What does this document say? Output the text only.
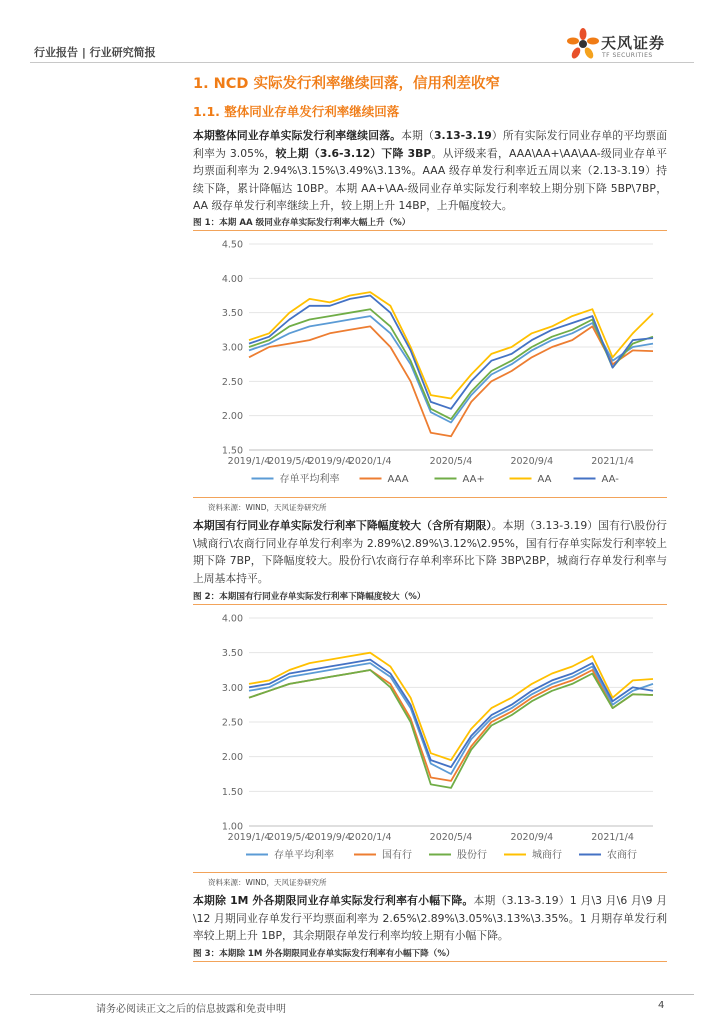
行业报告 | 行业研究简报
天风证券
TF SECURITIES
1. NCD 实际发行利率继续回落，信用利差收窄
1.1. 整体同业存单发行利率继续回落
本期整体同业存单实际发行利率继续回落。本期（3.13-3.19）所有实际发行同业存单的平均票面利率为 3.05%，较上期（3.6-3.12）下降 3BP。从评级来看，AAA\AA+\AA\AA-级同业存单平均票面利率为 2.94%\3.15%\3.49%\3.13%。AAA 级存单发行利率近五周以来（2.13-3.19）持续下降，累计降幅达 10BP。本期 AA+\AA-级同业存单实际发行利率较上期分别下降 5BP\7BP，AA 级存单发行利率继续上升，较上期上升 14BP，上升幅度较大。
图 1：本期 AA 级同业存单实际发行利率大幅上升（%）
1.50
2.00
2.50
3.00
3.50
4.00
4.50
2019/1/4
2019/5/4
2019/9/4
2020/1/4	2020/5/4	2020/9/4	2021/1/4
存单平均利率	AAA	AA+	AA	AA-
资料来源：WIND，天风证券研究所
本期国有行同业存单实际发行利率下降幅度较大（含所有期限）。本期（3.13-3.19）国有行\股份行\城商行\农商行同业存单发行利率为 2.89%\2.89%\3.12%\2.95%，国有行存单实际发行利率较上期下降 7BP，下降幅度较大。股份行\农商行存单利率环比下降 3BP\2BP，城商行存单发行利率与上周基本持平。
图 2：本期国有行同业存单实际发行利率下降幅度较大（%）
1.00
1.50
2.00
2.50
3.00
3.50
4.00
2019/1/4
2019/5/4
2019/9/4
2020/1/4	2020/5/4	2020/9/4	2021/1/4
存单平均利率	国有行	股份行	城商行	农商行
资料来源：WIND，天风证券研究所
本期除 1M 外各期限同业存单实际发行利率有小幅下降。本期（3.13-3.19）1 月\3 月\6 月\9 月\12 月期同业存单发行平均票面利率为 2.65%\2.89%\3.05%\3.13%\3.35%。1 月期存单发行利率较上期上升 1BP，其余期限存单发行利率均较上期有小幅下降。
图 3：本期除 1M 外各期限同业存单实际发行利率有小幅下降（%）
请务必阅读正文之后的信息披露和免责申明	4
